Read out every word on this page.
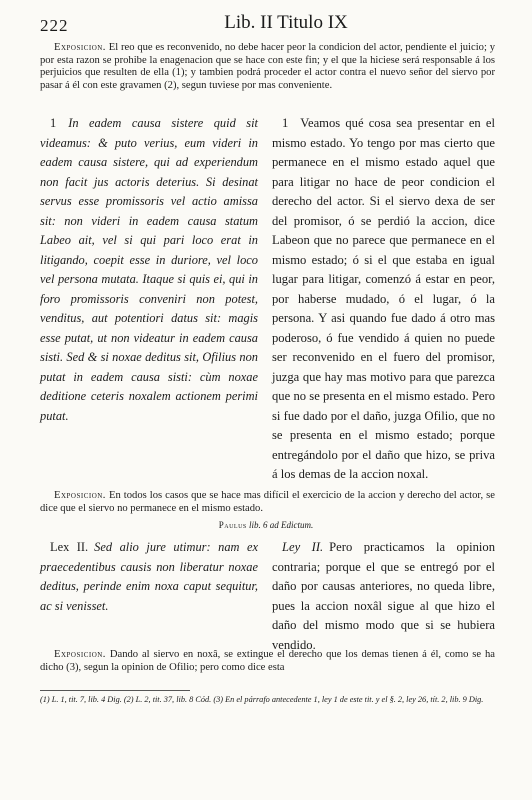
222	Lib. II Titulo IX

Exposicion. El reo que es reconvenido, no debe hacer peor la condicion del actor, pendiente el juicio; y por esta razon se prohibe la enagenacion que se hace con este fin; y el que la hiciese será responsable á los perjuicios que resulten de ella (1); y tambien podrá proceder el actor contra el nuevo señor del siervo por pasar á él con este gravamen (2), segun tuviese por mas conveniente.

1 In eadem causa sistere quid sit videamus: & puto verius, eum videri in eadem causa sistere, qui ad experiendum non facit jus actoris deterius. Si desinat servus esse promissoris vel actio amissa sit: non videri in eadem causa statum Labeo ait, vel si qui pari loco erat in litigando, coepit esse in duriore, vel loco vel persona mutata. Itaque si quis ei, qui in foro promissoris conveniri non potest, venditus, aut potentiori datus sit: magis esse putat, ut non videatur in eadem causa sisti. Sed & si noxae deditus sit, Ofilius non putat in eadem causa sisti: cùm noxae deditione ceteris noxalem actionem perimi putat.

1 Veamos qué cosa sea presentar en el mismo estado. Yo tengo por mas cierto que permanece en el mismo estado aquel que para litigar no hace de peor condicion el derecho del actor. Si el siervo dexa de ser del promisor, ó se perdió la accion, dice Labeon que no parece que permanece en el mismo estado; ó si el que estaba en igual lugar para litigar, comenzó á estar en peor, por haberse mudado, ó el lugar, ó la persona. Y asi quando fue dado á otro mas poderoso, ó fue vendido á quien no puede ser reconvenido en el fuero del promisor, juzga que hay mas motivo para que parezca que no se presenta en el mismo estado. Pero si fue dado por el daño, juzga Ofilio, que no se presenta en el mismo estado; porque entregándolo por el daño que hizo, se priva á los demas de la accion noxal.

Exposicion. En todos los casos que se hace mas difícil el exercicio de la accion y derecho del actor, se dice que el siervo no permanece en el mismo estado.

Paulus lib. 6 ad Edictum.

Lex II. Sed alio jure utimur: nam ex praecedentibus causis non liberatur noxae deditus, perinde enim noxa caput sequitur, ac si venisset.

Ley II. Pero practicamos la opinion contraria; porque el que se entregó por el daño por causas anteriores, no queda libre, pues la accion noxâl sigue al que hizo el daño del mismo modo que si se hubiera vendido.

Exposicion. Dando al siervo en noxâ, se extingue el derecho que los demas tienen á él, como se ha dicho (3), segun la opinion de Ofilio; pero como dice esta

(1) L. 1, tit. 7, lib. 4 Dig. (2) L. 2, tit. 37, lib. 8 Cód. (3) En el párrafo antecedente 1, ley 1 de este tit. y el §. 2, ley 26, tít. 2, lib. 9 Dig.
